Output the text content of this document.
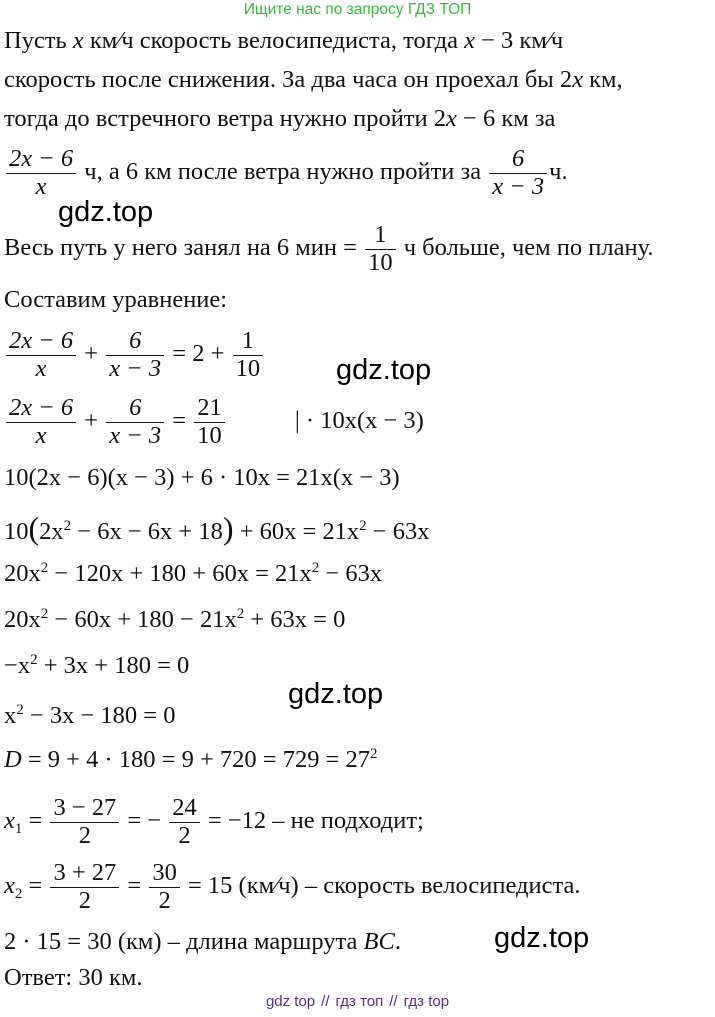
Ищите нас по запросу ГДЗ ТОП
Пусть x км⁄ч скорость велосипедиста, тогда x − 3 км⁄ч
скорость после снижения. За два часа он проехал бы 2x км,
тогда до встречного ветра нужно пройти 2x − 6 км за
$\frac{2x - 6}{x} ч$, а 6 км после ветра нужно пройти за $\frac{6}{x - 3} ч$.
Весь путь у него занял на 6 мин = $\frac{1}{10}$ ч больше, чем по плану.
Составим уравнение:
$\frac{2x - 6}{x} + \frac{6}{x - 3} = 2 + \frac{1}{10}$
$\frac{2x - 6}{x} + \frac{6}{x - 3} = \frac{21}{10}$	| · 10x(x − 3)
10(2x − 6)(x − 3) + 6 · 10x = 21x(x − 3)
$10(2x^2 - 6x - 6x + 18) + 60x = 21x^2 - 63x$
$20x^2 - 120x + 180 + 60x = 21x^2 - 63x$
$20x^2 - 60x + 180 - 21x^2 + 63x = 0$
$-x^2 + 3x + 180 = 0$
$x^2 - 3x - 180 = 0$
$D = 9 + 4 \cdot 180 = 9 + 720 = 729 = 27^2$
$x_1 = \frac{3 - 27}{2}$ = − $\frac{24}{2} = -12$ – не подходит;
$x_2 = \frac{3 + 27}{2} = \frac{30}{2} = 15$ (км⁄ч) – скорость велосипедиста.
2 · 15 = 30 (км) – длина маршрута BC.
Ответ: 30 км.
gdz.top
gdz.top
gdz.top
gdz.top
gdz top // гдз топ // гдз top
